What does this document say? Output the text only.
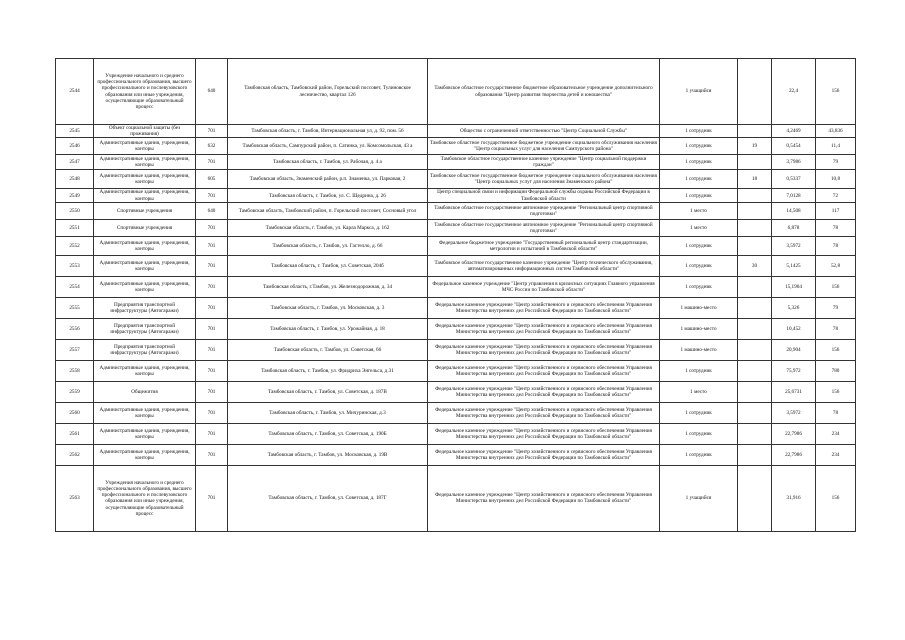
2544	Учреждение начального и среднего профессионального образования, высшего профессионального и послевузовского образования или иные учреждения, осуществляющие образовательный процесс	640	Тамбовская область, Тамбовский район, Горельский поссовет, Тулиновское лесничество, квартал 126	Тамбовское областное государственное бюджетное образовательное учреждение дополнительного образования "Центр развития творчества детей и юношества"	1 учащийся		22,4	156
2545	Объект социальной защиты (без проживания)	701	Тамбовская область, г. Тамбов, Интернациональная ул, д. 92, пом. 56	Общество с ограниченной ответственностью "Центр Социальной Службы"	1 сотрудник		4,2469	43,836
2546	Административные здания, учреждения, конторы	632	Тамбовская область, Сампурский район, п. Сатинка, ул. Комсомольская, 43 а	Тамбовское областное государственное бюджетное учреждение социального обслуживания населения "Центр социальных услуг для населения Сампурского района"	1 сотрудник	19	0,5454	11,4
2547	Административные здания, учреждения, конторы	701	Тамбовская область, г. Тамбов, ул. Рабочая, д. 4 а	Тамбовское областное государственное казенное учреждение "Центр социальной поддержки граждан"	1 сотрудник		3,7986	79
2548	Административные здания, учреждения, конторы	605	Тамбовская область, Знаменский район, р.п. Знаменка, ул. Парковая, 2	Тамбовское областное государственное бюджетное учреждение социального обслуживания населения "Центр социальных услуг для населения Знаменского района"	1 сотрудник	18	0,5337	10,8
2549	Административные здания, учреждения, конторы	701	Тамбовская область, г. Тамбов, ул. С. Щедрина, д. 26	Центр специальной связи и информации Федеральной службы охраны Российской Федерации в Тамбовской области	1 сотрудник		7,0128	72
2550	Спортивные учреждения	640	Тамбовская область, Тамбовский район, п. Горельский поссовет, Сосновый угол	Тамбовское областное государственное автономное учреждение "Региональный центр спортивной подготовки"	1 место		14,508	117
2551	Спортивные учреждения	701	Тамбовская область, г. Тамбов, ул. Карла Маркса, д. 162	Тамбовское областное государственное автономное учреждение "Региональный центр спортивной подготовки"	1 место		6,878	78
2552	Административные здания, учреждения, конторы	701	Тамбовская область, г. Тамбов, ул. Гастелло, д. 66	Федеральное бюджетное учреждение "Государственный региональный центр стандартизации, метрологии и испытаний в Тамбовской области"	1 сотрудник		3,5972	78
2553	Административные здания, учреждения, конторы	701	Тамбовская область, г. Тамбов, ул. Советская, 204б	Тамбовское областное государственное казенное учреждение "Центр технического обслуживания, автоматизированных информационных систем Тамбовской области"	1 сотрудник	30	5,1425	52,8
2554	Административные здания, учреждения, конторы	701	Тамбовская область, г.Тамбов, ул. Железнодорожная, д. 34	Федеральное казенное учреждение "Центр управления в кризисных ситуациях Главного управления МЧС России по Тамбовской области"	1 сотрудник		15,1904	156
2555	Предприятия транспортной инфраструктуры (Автогаражи)	701	Тамбовская область, г. Тамбов, ул. Московская, д. 3	Федеральное казенное учреждение "Центр хозяйственного и сервисного обеспечения Управления Министерства внутренних дел Российской Федерации по Тамбовской области"	1 машино-место		5,326	79
2556	Предприятия транспортной инфраструктуры (Автогаражи)	701	Тамбовская область, г. Тамбов, ул. Урожайная, д. 18	Федеральное казенное учреждение "Центр хозяйственного и сервисного обеспечения Управления Министерства внутренних дел Российской Федерации по Тамбовской области"	1 машино-место		10,452	78
2557	Предприятия транспортной инфраструктуры (Автогаражи)	701	Тамбовская область, г. Тамбов, ул. Советская, 66	Федеральное казенное учреждение "Центр хозяйственного и сервисного обеспечения Управления Министерства внутренних дел Российской Федерации по Тамбовской области"	1 машино-место		20,904	156
2558	Административные здания, учреждения, конторы	701	Тамбовская область, г. Тамбов, ул. Фридриха Энгельса, д.31	Федеральное казенное учреждение "Центр хозяйственного и сервисного обеспечения Управления Министерства внутренних дел Российской Федерации по Тамбовской области"	1 сотрудник		75,972	780
2559	Общежития	701	Тамбовская область, г. Тамбов, ул. Советская, д. 187В	Федеральное казенное учреждение "Центр хозяйственного и сервисного обеспечения Управления Министерства внутренних дел Российской Федерации по Тамбовской области"	1 место		25,6731	156
2560	Административные здания, учреждения, конторы	701	Тамбовская область, г. Тамбов, ул. Мичуринская, д.3	Федеральное казенное учреждение "Центр хозяйственного и сервисного обеспечения Управления Министерства внутренних дел Российской Федерации по Тамбовской области"	1 сотрудник		3,5972	78
2561	Административные здания, учреждения, конторы	701	Тамбовская область, г. Тамбов, ул. Советская, д. 190Б	Федеральное казенное учреждение "Центр хозяйственного и сервисного обеспечения Управления Министерства внутренних дел Российской Федерации по Тамбовской области"	1 сотрудник		22,7986	234
2562	Административные здания, учреждения, конторы	701	Тамбовская область, г. Тамбов, ул. Московская, д. 19В	Федеральное казенное учреждение "Центр хозяйственного и сервисного обеспечения Управления Министерства внутренних дел Российской Федерации по Тамбовской области"	1 сотрудник		22,7986	234
2563	Учреждения начального и среднего профессионального образования, высшего профессионального и послевузовского образования или иные учреждения, осуществляющие образовательный процесс	701	Тамбовская область, г. Тамбов, ул. Советская, д. 187Г	Федеральное казенное учреждение "Центр хозяйственного и сервисного обеспечения Управления Министерства внутренних дел Российской Федерации по Тамбовской области"	1 учащийся		31,916	156
